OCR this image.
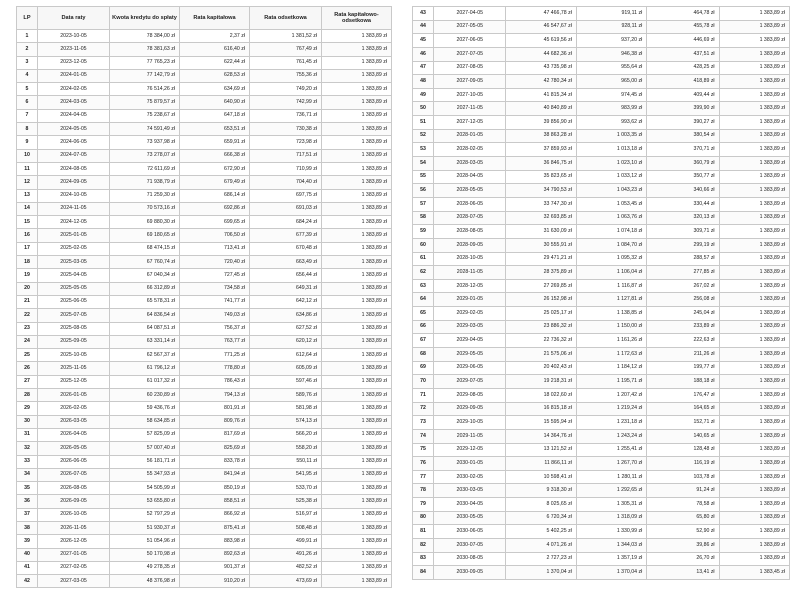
LP	Data raty	Kwota kredytu do spłaty	Rata kapitałowa	Rata odsetkowa	Rata kapitałowo-odsetkowa
1	2023-10-05	78 384,00 zł	2,37 zł	1 381,52 zł	1 383,89 zł
2	2023-11-05	78 381,63 zł	616,40 zł	767,49 zł	1 383,89 zł
3	2023-12-05	77 765,23 zł	622,44 zł	761,45 zł	1 383,89 zł
4	2024-01-05	77 142,79 zł	628,53 zł	755,36 zł	1 383,89 zł
5	2024-02-05	76 514,26 zł	634,69 zł	749,20 zł	1 383,89 zł
6	2024-03-05	75 879,57 zł	640,90 zł	742,99 zł	1 383,89 zł
7	2024-04-05	75 238,67 zł	647,18 zł	736,71 zł	1 383,89 zł
8	2024-05-05	74 591,49 zł	653,51 zł	730,38 zł	1 383,89 zł
9	2024-06-05	73 937,98 zł	659,91 zł	723,98 zł	1 383,89 zł
10	2024-07-05	73 278,07 zł	666,38 zł	717,51 zł	1 383,89 zł
11	2024-08-05	72 611,69 zł	672,90 zł	710,99 zł	1 383,89 zł
12	2024-09-05	71 938,79 zł	679,49 zł	704,40 zł	1 383,89 zł
13	2024-10-05	71 259,30 zł	686,14 zł	697,75 zł	1 383,89 zł
14	2024-11-05	70 573,16 zł	692,86 zł	691,03 zł	1 383,89 zł
15	2024-12-05	69 880,30 zł	699,65 zł	684,24 zł	1 383,89 zł
16	2025-01-05	69 180,65 zł	706,50 zł	677,39 zł	1 383,89 zł
17	2025-02-05	68 474,15 zł	713,41 zł	670,48 zł	1 383,89 zł
18	2025-03-05	67 760,74 zł	720,40 zł	663,49 zł	1 383,89 zł
19	2025-04-05	67 040,34 zł	727,45 zł	656,44 zł	1 383,89 zł
20	2025-05-05	66 312,89 zł	734,58 zł	649,31 zł	1 383,89 zł
21	2025-06-05	65 578,31 zł	741,77 zł	642,12 zł	1 383,89 zł
22	2025-07-05	64 836,54 zł	749,03 zł	634,86 zł	1 383,89 zł
23	2025-08-05	64 087,51 zł	756,37 zł	627,52 zł	1 383,89 zł
24	2025-09-05	63 331,14 zł	763,77 zł	620,12 zł	1 383,89 zł
25	2025-10-05	62 567,37 zł	771,25 zł	612,64 zł	1 383,89 zł
26	2025-11-05	61 796,12 zł	778,80 zł	605,09 zł	1 383,89 zł
27	2025-12-05	61 017,32 zł	786,43 zł	597,46 zł	1 383,89 zł
28	2026-01-05	60 230,89 zł	794,13 zł	589,76 zł	1 383,89 zł
29	2026-02-05	59 436,76 zł	801,91 zł	581,98 zł	1 383,89 zł
30	2026-03-05	58 634,85 zł	809,76 zł	574,13 zł	1 383,89 zł
31	2026-04-05	57 825,09 zł	817,69 zł	566,20 zł	1 383,89 zł
32	2026-05-05	57 007,40 zł	825,69 zł	558,20 zł	1 383,89 zł
33	2026-06-05	56 181,71 zł	833,78 zł	550,11 zł	1 383,89 zł
34	2026-07-05	55 347,93 zł	841,94 zł	541,95 zł	1 383,89 zł
35	2026-08-05	54 505,99 zł	850,19 zł	533,70 zł	1 383,89 zł
36	2026-09-05	53 655,80 zł	858,51 zł	525,38 zł	1 383,89 zł
37	2026-10-05	52 797,29 zł	866,92 zł	516,97 zł	1 383,89 zł
38	2026-11-05	51 930,37 zł	875,41 zł	508,48 zł	1 383,89 zł
39	2026-12-05	51 054,96 zł	883,98 zł	499,91 zł	1 383,89 zł
40	2027-01-05	50 170,98 zł	892,63 zł	491,26 zł	1 383,89 zł
41	2027-02-05	49 278,35 zł	901,37 zł	482,52 zł	1 383,89 zł
42	2027-03-05	48 376,98 zł	910,20 zł	473,69 zł	1 383,89 zł
43	2027-04-05	47 466,78 zł	919,11 zł	464,78 zł	1 383,89 zł
44	2027-05-05	46 547,67 zł	928,11 zł	455,78 zł	1 383,89 zł
45	2027-06-05	45 619,56 zł	937,20 zł	446,69 zł	1 383,89 zł
46	2027-07-05	44 682,36 zł	946,38 zł	437,51 zł	1 383,89 zł
47	2027-08-05	43 735,98 zł	955,64 zł	428,25 zł	1 383,89 zł
48	2027-09-05	42 780,34 zł	965,00 zł	418,89 zł	1 383,89 zł
49	2027-10-05	41 815,34 zł	974,45 zł	409,44 zł	1 383,89 zł
50	2027-11-05	40 840,89 zł	983,99 zł	399,90 zł	1 383,89 zł
51	2027-12-05	39 856,90 zł	993,62 zł	390,27 zł	1 383,89 zł
52	2028-01-05	38 863,28 zł	1 003,35 zł	380,54 zł	1 383,89 zł
53	2028-02-05	37 859,93 zł	1 013,18 zł	370,71 zł	1 383,89 zł
54	2028-03-05	36 846,75 zł	1 023,10 zł	360,79 zł	1 383,89 zł
55	2028-04-05	35 823,65 zł	1 033,12 zł	350,77 zł	1 383,89 zł
56	2028-05-05	34 790,53 zł	1 043,23 zł	340,66 zł	1 383,89 zł
57	2028-06-05	33 747,30 zł	1 053,45 zł	330,44 zł	1 383,89 zł
58	2028-07-05	32 693,85 zł	1 063,76 zł	320,13 zł	1 383,89 zł
59	2028-08-05	31 630,09 zł	1 074,18 zł	309,71 zł	1 383,89 zł
60	2028-09-05	30 555,91 zł	1 084,70 zł	299,19 zł	1 383,89 zł
61	2028-10-05	29 471,21 zł	1 095,32 zł	288,57 zł	1 383,89 zł
62	2028-11-05	28 375,89 zł	1 106,04 zł	277,85 zł	1 383,89 zł
63	2028-12-05	27 269,85 zł	1 116,87 zł	267,02 zł	1 383,89 zł
64	2029-01-05	26 152,98 zł	1 127,81 zł	256,08 zł	1 383,89 zł
65	2029-02-05	25 025,17 zł	1 138,85 zł	245,04 zł	1 383,89 zł
66	2029-03-05	23 886,32 zł	1 150,00 zł	233,89 zł	1 383,89 zł
67	2029-04-05	22 736,32 zł	1 161,26 zł	222,63 zł	1 383,89 zł
68	2029-05-05	21 575,06 zł	1 172,63 zł	211,26 zł	1 383,89 zł
69	2029-06-05	20 402,43 zł	1 184,12 zł	199,77 zł	1 383,89 zł
70	2029-07-05	19 218,31 zł	1 195,71 zł	188,18 zł	1 383,89 zł
71	2029-08-05	18 022,60 zł	1 207,42 zł	176,47 zł	1 383,89 zł
72	2029-09-05	16 815,18 zł	1 219,24 zł	164,65 zł	1 383,89 zł
73	2029-10-05	15 595,94 zł	1 231,18 zł	152,71 zł	1 383,89 zł
74	2029-11-05	14 364,76 zł	1 243,24 zł	140,65 zł	1 383,89 zł
75	2029-12-05	13 121,52 zł	1 255,41 zł	128,48 zł	1 383,89 zł
76	2030-01-05	11 866,11 zł	1 267,70 zł	116,19 zł	1 383,89 zł
77	2030-02-05	10 598,41 zł	1 280,11 zł	103,78 zł	1 383,89 zł
78	2030-03-05	9 318,30 zł	1 292,65 zł	91,24 zł	1 383,89 zł
79	2030-04-05	8 025,65 zł	1 305,31 zł	78,58 zł	1 383,89 zł
80	2030-05-05	6 720,34 zł	1 318,09 zł	65,80 zł	1 383,89 zł
81	2030-06-05	5 402,25 zł	1 330,99 zł	52,90 zł	1 383,89 zł
82	2030-07-05	4 071,26 zł	1 344,03 zł	39,86 zł	1 383,89 zł
83	2030-08-05	2 727,23 zł	1 357,19 zł	26,70 zł	1 383,89 zł
84	2030-09-05	1 370,04 zł	1 370,04 zł	13,41 zł	1 383,45 zł
